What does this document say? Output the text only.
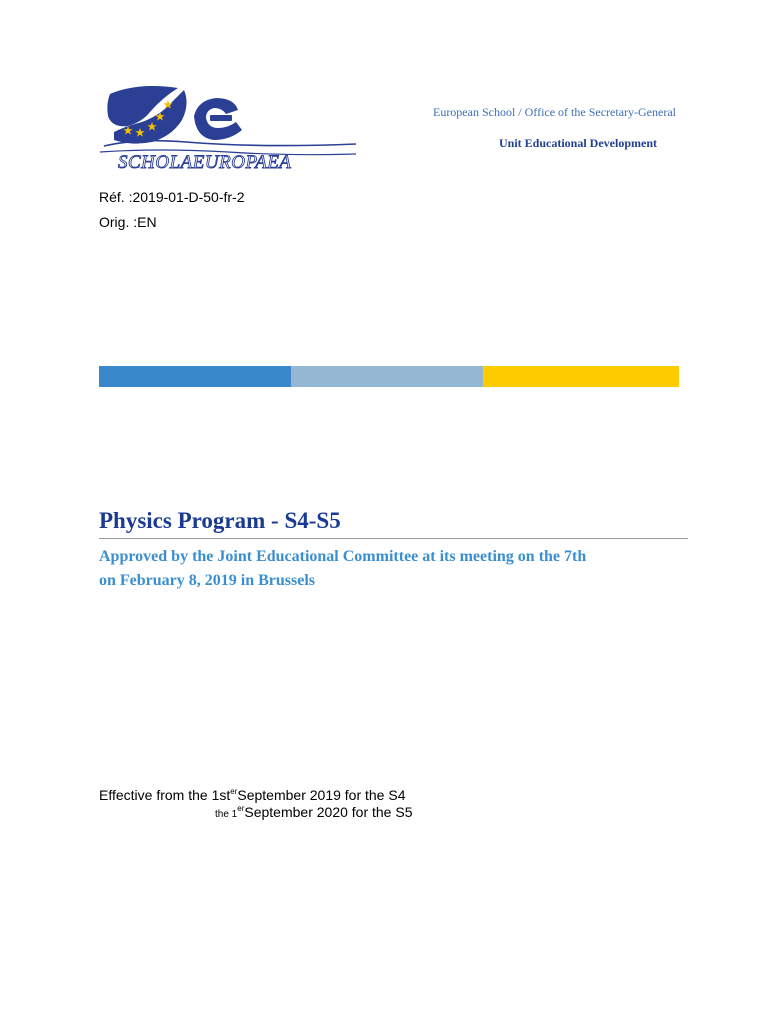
SCHOLAEUROPAEA
European School / Office of the Secretary-General
Unit Educational Development
Réf. :2019-01-D-50-fr-2
Orig. :EN
Physics Program - S4-S5
Approved by the Joint Educational Committee at its meeting on the 7th
on February 8, 2019 in Brussels
Effective from the $1st^{er}September$ 2019 for the S4
the 1erSeptember 2020 for the S5
